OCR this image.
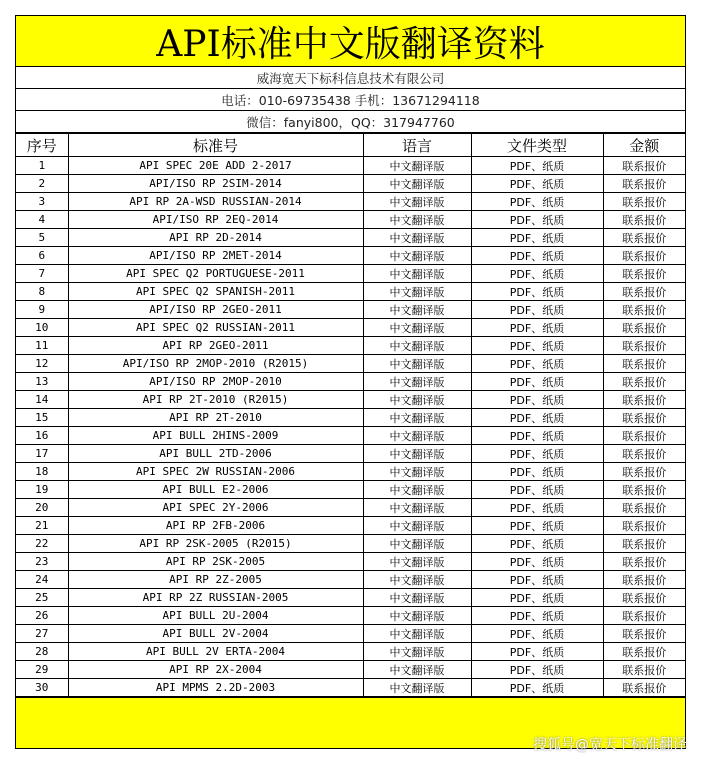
API标准中文版翻译资料
威海宽天下标科信息技术有限公司
电话：010-69735438 手机：13671294118
微信：fanyi800，QQ：317947760
序号	标准号	语言	文件类型	金额
1	API SPEC 20E ADD 2-2017	中文翻译版	PDF、纸质	联系报价
2	API/ISO RP 2SIM-2014	中文翻译版	PDF、纸质	联系报价
3	API RP 2A-WSD RUSSIAN-2014	中文翻译版	PDF、纸质	联系报价
4	API/ISO RP 2EQ-2014	中文翻译版	PDF、纸质	联系报价
5	API RP 2D-2014	中文翻译版	PDF、纸质	联系报价
6	API/ISO RP 2MET-2014	中文翻译版	PDF、纸质	联系报价
7	API SPEC Q2 PORTUGUESE-2011	中文翻译版	PDF、纸质	联系报价
8	API SPEC Q2 SPANISH-2011	中文翻译版	PDF、纸质	联系报价
9	API/ISO RP 2GEO-2011	中文翻译版	PDF、纸质	联系报价
10	API SPEC Q2 RUSSIAN-2011	中文翻译版	PDF、纸质	联系报价
11	API RP 2GEO-2011	中文翻译版	PDF、纸质	联系报价
12	API/ISO RP 2MOP-2010 (R2015)	中文翻译版	PDF、纸质	联系报价
13	API/ISO RP 2MOP-2010	中文翻译版	PDF、纸质	联系报价
14	API RP 2T-2010 (R2015)	中文翻译版	PDF、纸质	联系报价
15	API RP 2T-2010	中文翻译版	PDF、纸质	联系报价
16	API BULL 2HINS-2009	中文翻译版	PDF、纸质	联系报价
17	API BULL 2TD-2006	中文翻译版	PDF、纸质	联系报价
18	API SPEC 2W RUSSIAN-2006	中文翻译版	PDF、纸质	联系报价
19	API BULL E2-2006	中文翻译版	PDF、纸质	联系报价
20	API SPEC 2Y-2006	中文翻译版	PDF、纸质	联系报价
21	API RP 2FB-2006	中文翻译版	PDF、纸质	联系报价
22	API RP 2SK-2005 (R2015)	中文翻译版	PDF、纸质	联系报价
23	API RP 2SK-2005	中文翻译版	PDF、纸质	联系报价
24	API RP 2Z-2005	中文翻译版	PDF、纸质	联系报价
25	API RP 2Z RUSSIAN-2005	中文翻译版	PDF、纸质	联系报价
26	API BULL 2U-2004	中文翻译版	PDF、纸质	联系报价
27	API BULL 2V-2004	中文翻译版	PDF、纸质	联系报价
28	API BULL 2V ERTA-2004	中文翻译版	PDF、纸质	联系报价
29	API RP 2X-2004	中文翻译版	PDF、纸质	联系报价
30	API MPMS 2.2D-2003	中文翻译版	PDF、纸质	联系报价
搜狐号@宽天下标准翻译
